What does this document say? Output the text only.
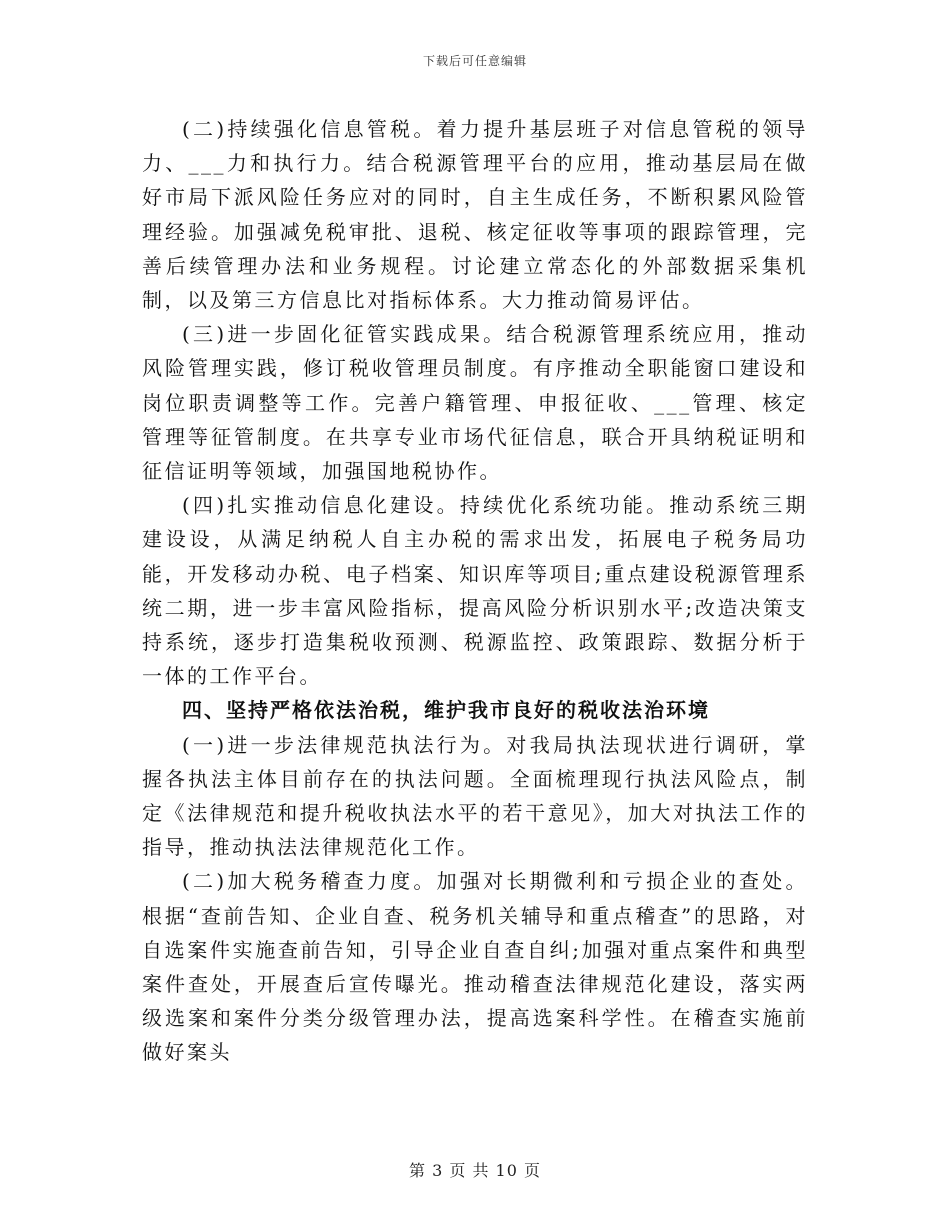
下载后可任意编辑

(二)持续强化信息管税。着力提升基层班子对信息管税的领导力、___力和执行力。结合税源管理平台的应用，推动基层局在做好市局下派风险任务应对的同时，自主生成任务，不断积累风险管理经验。加强减免税审批、退税、核定征收等事项的跟踪管理，完善后续管理办法和业务规程。讨论建立常态化的外部数据采集机制，以及第三方信息比对指标体系。大力推动简易评估。

(三)进一步固化征管实践成果。结合税源管理系统应用，推动风险管理实践，修订税收管理员制度。有序推动全职能窗口建设和岗位职责调整等工作。完善户籍管理、申报征收、___管理、核定管理等征管制度。在共享专业市场代征信息，联合开具纳税证明和征信证明等领域，加强国地税协作。

(四)扎实推动信息化建设。持续优化系统功能。推动系统三期建设设，从满足纳税人自主办税的需求出发，拓展电子税务局功能，开发移动办税、电子档案、知识库等项目;重点建设税源管理系统二期，进一步丰富风险指标，提高风险分析识别水平;改造决策支持系统，逐步打造集税收预测、税源监控、政策跟踪、数据分析于一体的工作平台。

四、坚持严格依法治税，维护我市良好的税收法治环境

(一)进一步法律规范执法行为。对我局执法现状进行调研，掌握各执法主体目前存在的执法问题。全面梳理现行执法风险点，制定《法律规范和提升税收执法水平的若干意见》，加大对执法工作的指导，推动执法法律规范化工作。

(二)加大税务稽查力度。加强对长期微利和亏损企业的查处。根据“查前告知、企业自查、税务机关辅导和重点稽查”的思路，对自选案件实施查前告知，引导企业自查自纠;加强对重点案件和典型案件查处，开展查后宣传曝光。推动稽查法律规范化建设，落实两级选案和案件分类分级管理办法，提高选案科学性。在稽查实施前做好案头

第 3 页 共 10 页
